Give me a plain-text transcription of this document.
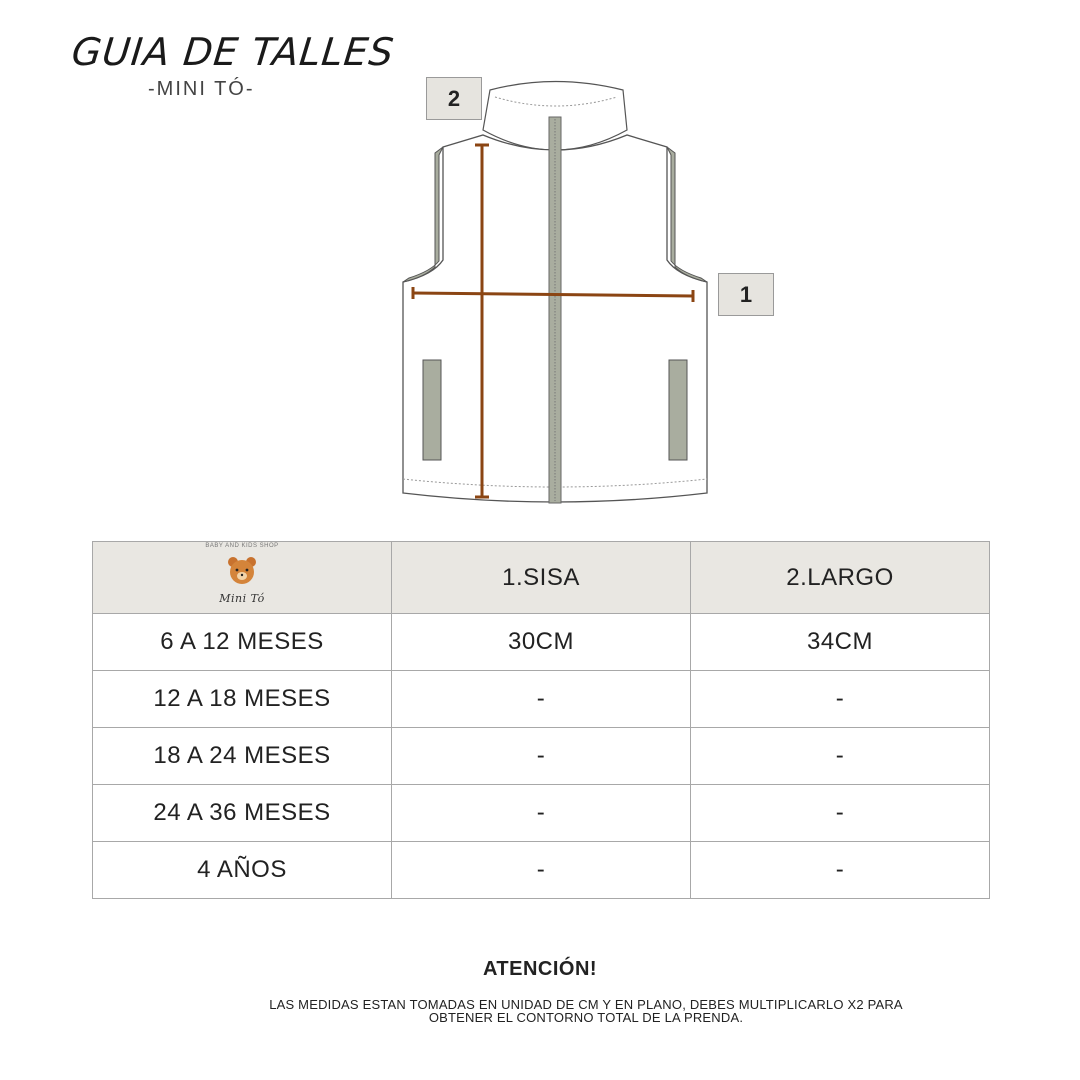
GUIA DE TALLES
-MINI TÓ-	2
1
BABY AND KIDS SHOP
Mini Tó	1.SISA	2.LARGO
6 A 12 MESES	30CM	34CM
12 A 18 MESES	-	-
18 A 24 MESES	-	-
24 A 36 MESES	-	-
4 AÑOS	-	-
ATENCIÓN!
LAS MEDIDAS ESTAN TOMADAS EN UNIDAD DE CM Y EN PLANO, DEBES MULTIPLICARLO X2 PARA
OBTENER EL CONTORNO TOTAL DE LA PRENDA.
